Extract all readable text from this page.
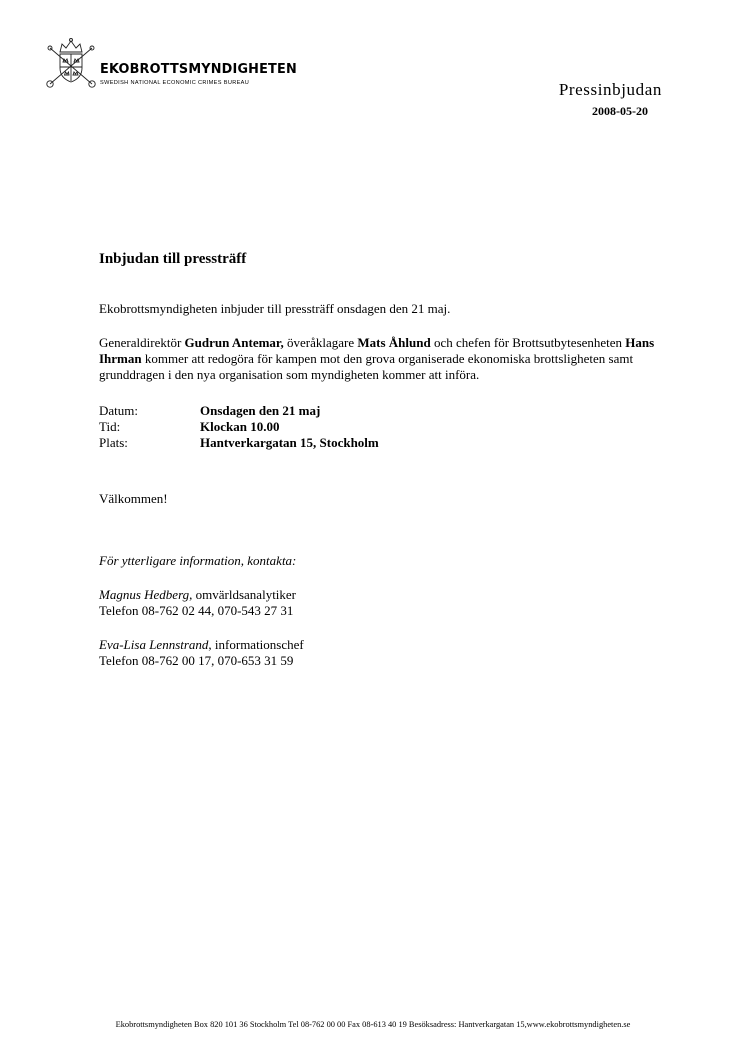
EKOBROTTSMYNDIGHETEN
SWEDISH NATIONAL ECONOMIC CRIMES BUREAU	Pressinbjudan
2008-05-20
Inbjudan till pressträff

Ekobrottsmyndigheten inbjuder till pressträff onsdagen den 21 maj.

Generaldirektör Gudrun Antemar, överåklagare Mats Åhlund och chefen för Brottsutbytesenheten Hans Ihrman kommer att redogöra för kampen mot den grova organiserade ekonomiska brottsligheten samt grunddragen i den nya organisation som myndigheten kommer att införa.

Datum:	Onsdagen den 21 maj
Tid:	Klockan 10.00
Plats:	Hantverkargatan 15, Stockholm

Välkommen!

För ytterligare information, kontakta:

Magnus Hedberg, omvärldsanalytiker
Telefon 08-762 02 44, 070-543 27 31
Eva-Lisa Lennstrand, informationschef
Telefon 08-762 00 17, 070-653 31 59
Ekobrottsmyndigheten Box 820 101 36 Stockholm Tel 08-762 00 00 Fax 08-613 40 19 Besöksadress: Hantverkargatan 15,www.ekobrottsmyndigheten.se
